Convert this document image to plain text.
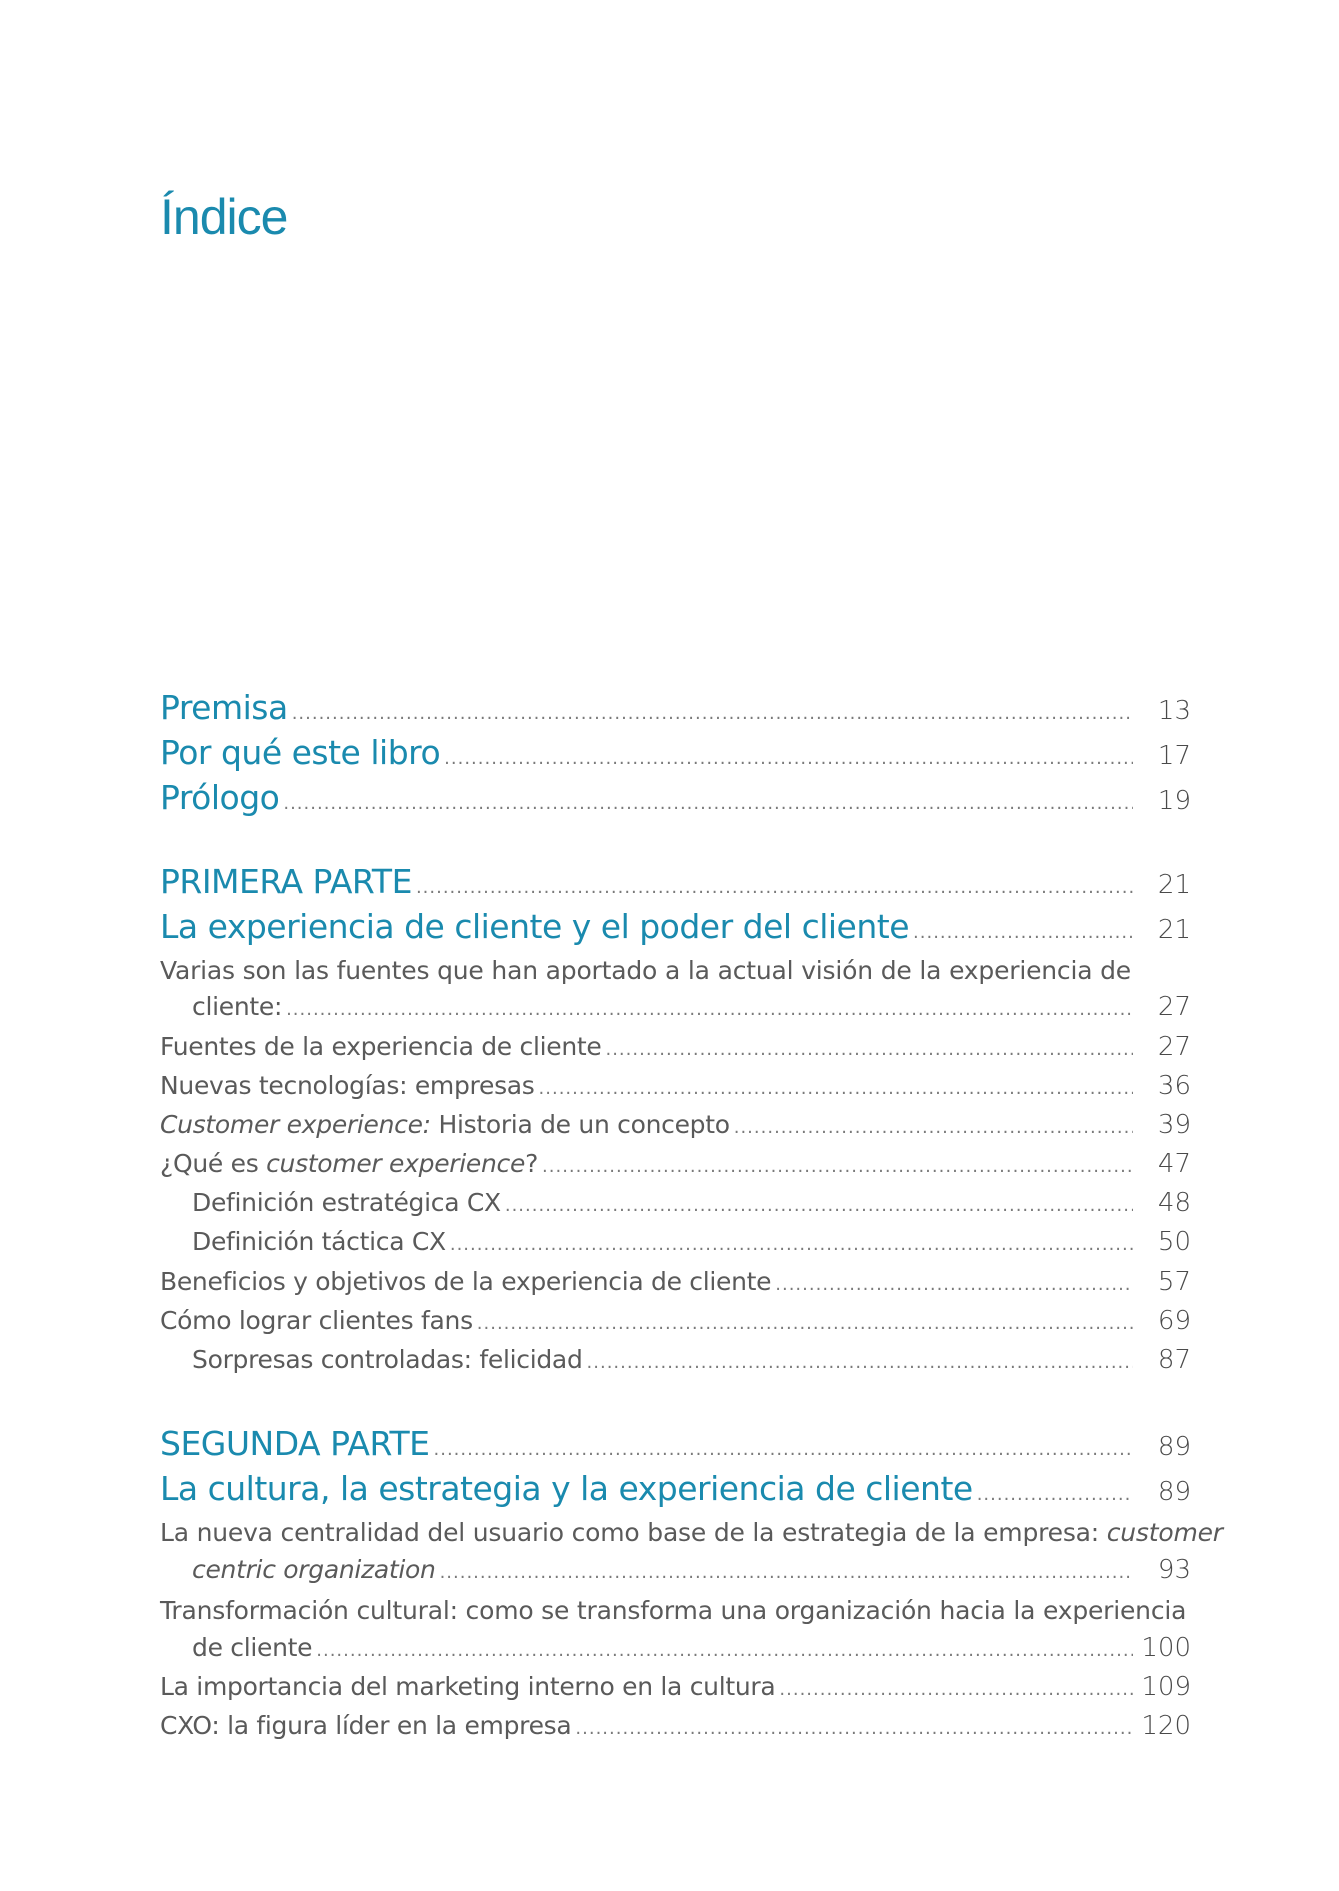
Índice
Premisa .....	13
Por qué este libro .....	17
Prólogo .....	19
PRIMERA PARTE .....	21
La experiencia de cliente y el poder del cliente .....	21
Varias son las fuentes que han aportado a la actual visión de la experiencia de
cliente: .....	27
Fuentes de la experiencia de cliente .....	27
Nuevas tecnologías: empresas .....	36
Customer experience: Historia de un concepto .....	39
¿Qué es customer experience? .....	47
Definición estratégica CX .....	48
Definición táctica CX .....	50
Beneficios y objetivos de la experiencia de cliente .....	57
Cómo lograr clientes fans .....	69
Sorpresas controladas: felicidad .....	87
SEGUNDA PARTE .....	89
La cultura, la estrategia y la experiencia de cliente .....	89
La nueva centralidad del usuario como base de la estrategia de la empresa: customer
centric organization .....	93
Transformación cultural: como se transforma una organización hacia la experiencia
de cliente .....	100
La importancia del marketing interno en la cultura .....	109
CXO: la figura líder en la empresa .....	120
